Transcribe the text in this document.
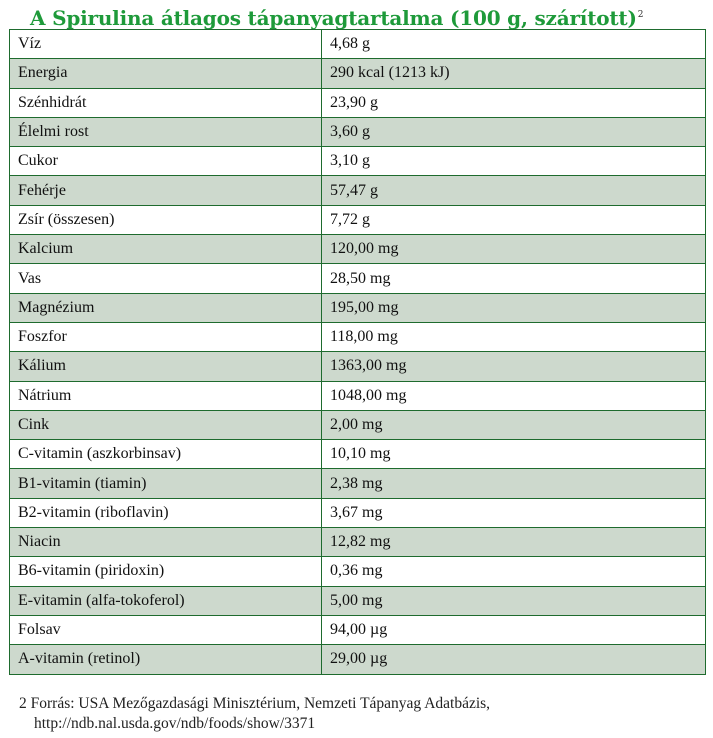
A Spirulina átlagos tápanyagtartalma (100 g, szárított)$^2$
Víz	4,68 g
Energia	290 kcal (1213 kJ)
Szénhidrát	23,90 g
Élelmi rost	3,60 g
Cukor	3,10 g
Fehérje	57,47 g
Zsír (összesen)	7,72 g
Kalcium	120,00 mg
Vas	28,50 mg
Magnézium	195,00 mg
Foszfor	118,00 mg
Kálium	1363,00 mg
Nátrium	1048,00 mg
Cink	2,00 mg
C-vitamin (aszkorbinsav)	10,10 mg
B1-vitamin (tiamin)	2,38 mg
B2-vitamin (riboflavin)	3,67 mg
Niacin	12,82 mg
B6-vitamin (piridoxin)	0,36 mg
E-vitamin (alfa-tokoferol)	5,00 mg
Folsav	94,00 µg
A-vitamin (retinol)	29,00 µg

2 Forrás: USA Mezőgazdasági Minisztérium, Nemzeti Tápanyag Adatbázis,
http://ndb.nal.usda.gov/ndb/foods/show/3371
